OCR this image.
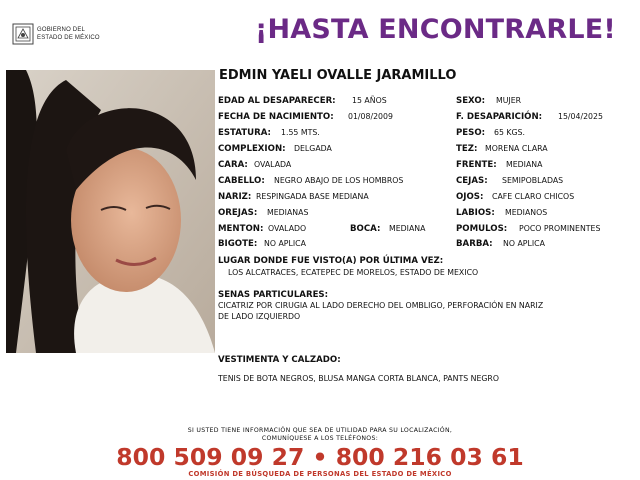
GOBIERNO DEL
ESTADO DE MÉXICO	¡HASTA ENCONTRARLE!
EDMIN YAELI OVALLE JARAMILLO
EDAD AL DESAPARECER: 15 AÑOS
FECHA DE NACIMIENTO: 01/08/2009
ESTATURA: 1.55 MTS.
COMPLEXION: DELGADA
CARA: OVALADA
CABELLO: NEGRO ABAJO DE LOS HOMBROS
NARIZ: RESPINGADA BASE MEDIANA
OREJAS: MEDIANAS
MENTON: OVALADO	BOCA: MEDIANA
BIGOTE: NO APLICA
SEXO: MUJER
F. DESAPARICIÓN: 15/04/2025
PESO: 65 KGS.
TEZ: MORENA CLARA
FRENTE: MEDIANA
CEJAS: SEMIPOBLADAS
OJOS: CAFE CLARO CHICOS
LABIOS: MEDIANOS
POMULOS: POCO PROMINENTES
BARBA: NO APLICA
LUGAR DONDE FUE VISTO(A) POR ÚLTIMA VEZ:
LOS ALCATRACES, ECATEPEC DE MORELOS, ESTADO DE MEXICO
SENAS PARTICULARES:
CICATRIZ POR CIRUGIA AL LADO DERECHO DEL OMBLIGO, PERFORACIÓN EN NARIZ
DE LADO IZQUIERDO
VESTIMENTA Y CALZADO:
TENIS DE BOTA NEGROS, BLUSA MANGA CORTA BLANCA, PANTS NEGRO
SI USTED TIENE INFORMACIÓN QUE SEA DE UTILIDAD PARA SU LOCALIZACIÓN,
COMUNÍQUESE A LOS TELÉFONOS:
800 509 09 27 • 800 216 03 61
COMISIÓN DE BÚSQUEDA DE PERSONAS DEL ESTADO DE MÉXICO
